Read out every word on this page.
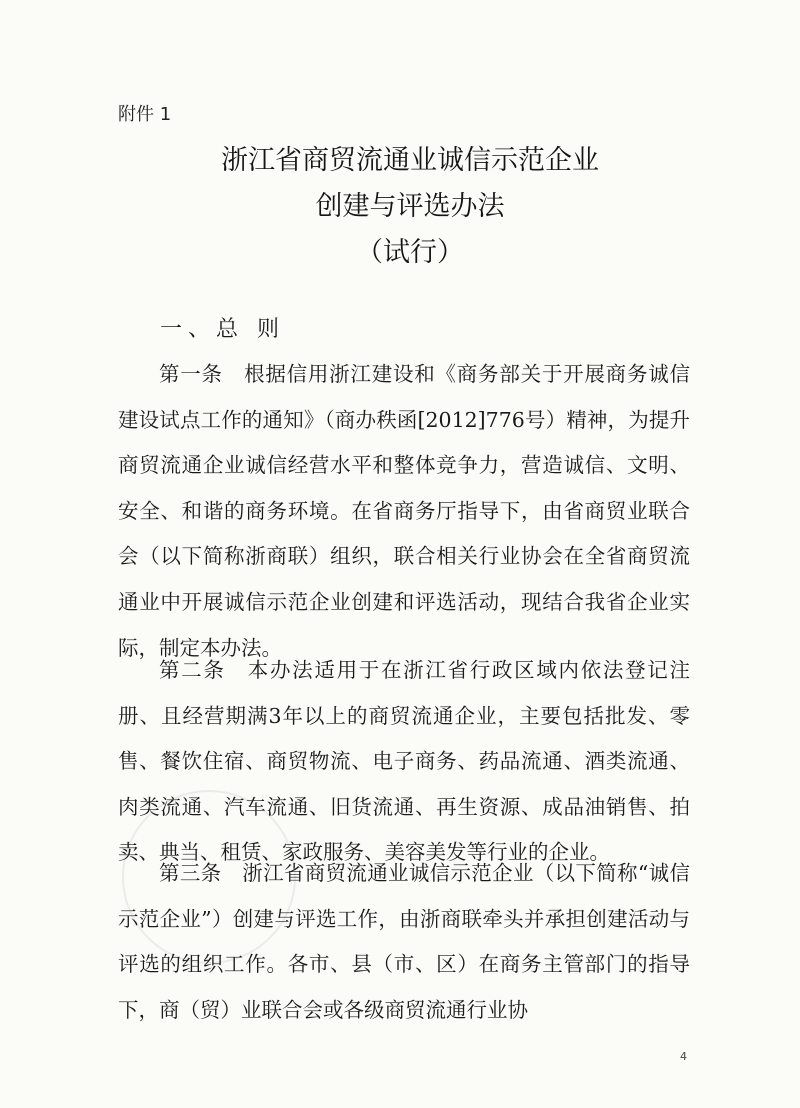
附件 1
浙江省商贸流通业诚信示范企业
创建与评选办法
（试行）
一、总 则

第一条　根据信用浙江建设和《商务部关于开展商务诚信建设试点工作的通知》（商办秩函[2012]776号）精神，为提升商贸流通企业诚信经营水平和整体竞争力，营造诚信、文明、安全、和谐的商务环境。在省商务厅指导下，由省商贸业联合会（以下简称浙商联）组织，联合相关行业协会在全省商贸流通业中开展诚信示范企业创建和评选活动，现结合我省企业实际，制定本办法。

第二条　本办法适用于在浙江省行政区域内依法登记注册、且经营期满3年以上的商贸流通企业，主要包括批发、零售、餐饮住宿、商贸物流、电子商务、药品流通、酒类流通、肉类流通、汽车流通、旧货流通、再生资源、成品油销售、拍卖、典当、租赁、家政服务、美容美发等行业的企业。

第三条　浙江省商贸流通业诚信示范企业（以下简称“诚信示范企业”）创建与评选工作，由浙商联牵头并承担创建活动与评选的组织工作。各市、县（市、区）在商务主管部门的指导下，商（贸）业联合会或各级商贸流通行业协

4
